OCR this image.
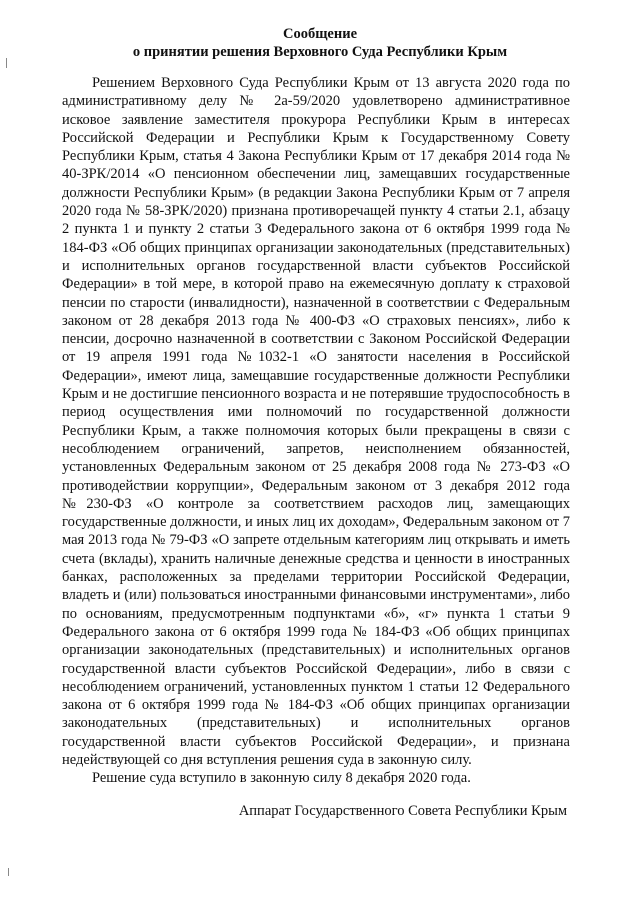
Сообщение
о принятии решения Верховного Суда Республики Крым

Решением Верховного Суда Республики Крым от 13 августа 2020 года по административному делу № 2а-59/2020 удовлетворено административное исковое заявление заместителя прокурора Республики Крым в интересах Российской Федерации и Республики Крым к Государственному Совету Республики Крым, статья 4 Закона Республики Крым от 17 декабря 2014 года № 40-ЗРК/2014 «О пенсионном обеспечении лиц, замещавших государственные должности Республики Крым» (в редакции Закона Республики Крым от 7 апреля 2020 года № 58-ЗРК/2020) признана противоречащей пункту 4 статьи 2.1, абзацу 2 пункта 1 и пункту 2 статьи 3 Федерального закона от 6 октября 1999 года № 184-ФЗ «Об общих принципах организации законодательных (представительных) и исполнительных органов государственной власти субъектов Российской Федерации» в той мере, в которой право на ежемесячную доплату к страховой пенсии по старости (инвалидности), назначенной в соответствии с Федеральным законом от 28 декабря 2013 года № 400-ФЗ «О страховых пенсиях», либо к пенсии, досрочно назначенной в соответствии с Законом Российской Федерации от 19 апреля 1991 года №1032-1 «О занятости населения в Российской Федерации», имеют лица, замещавшие государственные должности Республики Крым и не достигшие пенсионного возраста и не потерявшие трудоспособность в период осуществления ими полномочий по государственной должности Республики Крым, а также полномочия которых были прекращены в связи с несоблюдением ограничений, запретов, неисполнением обязанностей, установленных Федеральным законом от 25 декабря 2008 года № 273-ФЗ «О противодействии коррупции», Федеральным законом от 3 декабря 2012 года №230-ФЗ «О контроле за соответствием расходов лиц, замещающих государственные должности, и иных лиц их доходам», Федеральным законом от 7 мая 2013 года № 79-ФЗ «О запрете отдельным категориям лиц открывать и иметь счета (вклады), хранить наличные денежные средства и ценности в иностранных банках, расположенных за пределами территории Российской Федерации, владеть и (или) пользоваться иностранными финансовыми инструментами», либо по основаниям, предусмотренным подпунктами «б», «г» пункта 1 статьи 9 Федерального закона от 6 октября 1999 года № 184-ФЗ «Об общих принципах организации законодательных (представительных) и исполнительных органов государственной власти субъектов Российской Федерации», либо в связи с несоблюдением ограничений, установленных пунктом 1 статьи 12 Федерального закона от 6 октября 1999 года № 184-ФЗ «Об общих принципах организации законодательных (представительных) и исполнительных органов государственной власти субъектов Российской Федерации», и признана недействующей со дня вступления решения суда в законную силу.

Решение суда вступило в законную силу 8 декабря 2020 года.

Аппарат Государственного Совета Республики Крым
